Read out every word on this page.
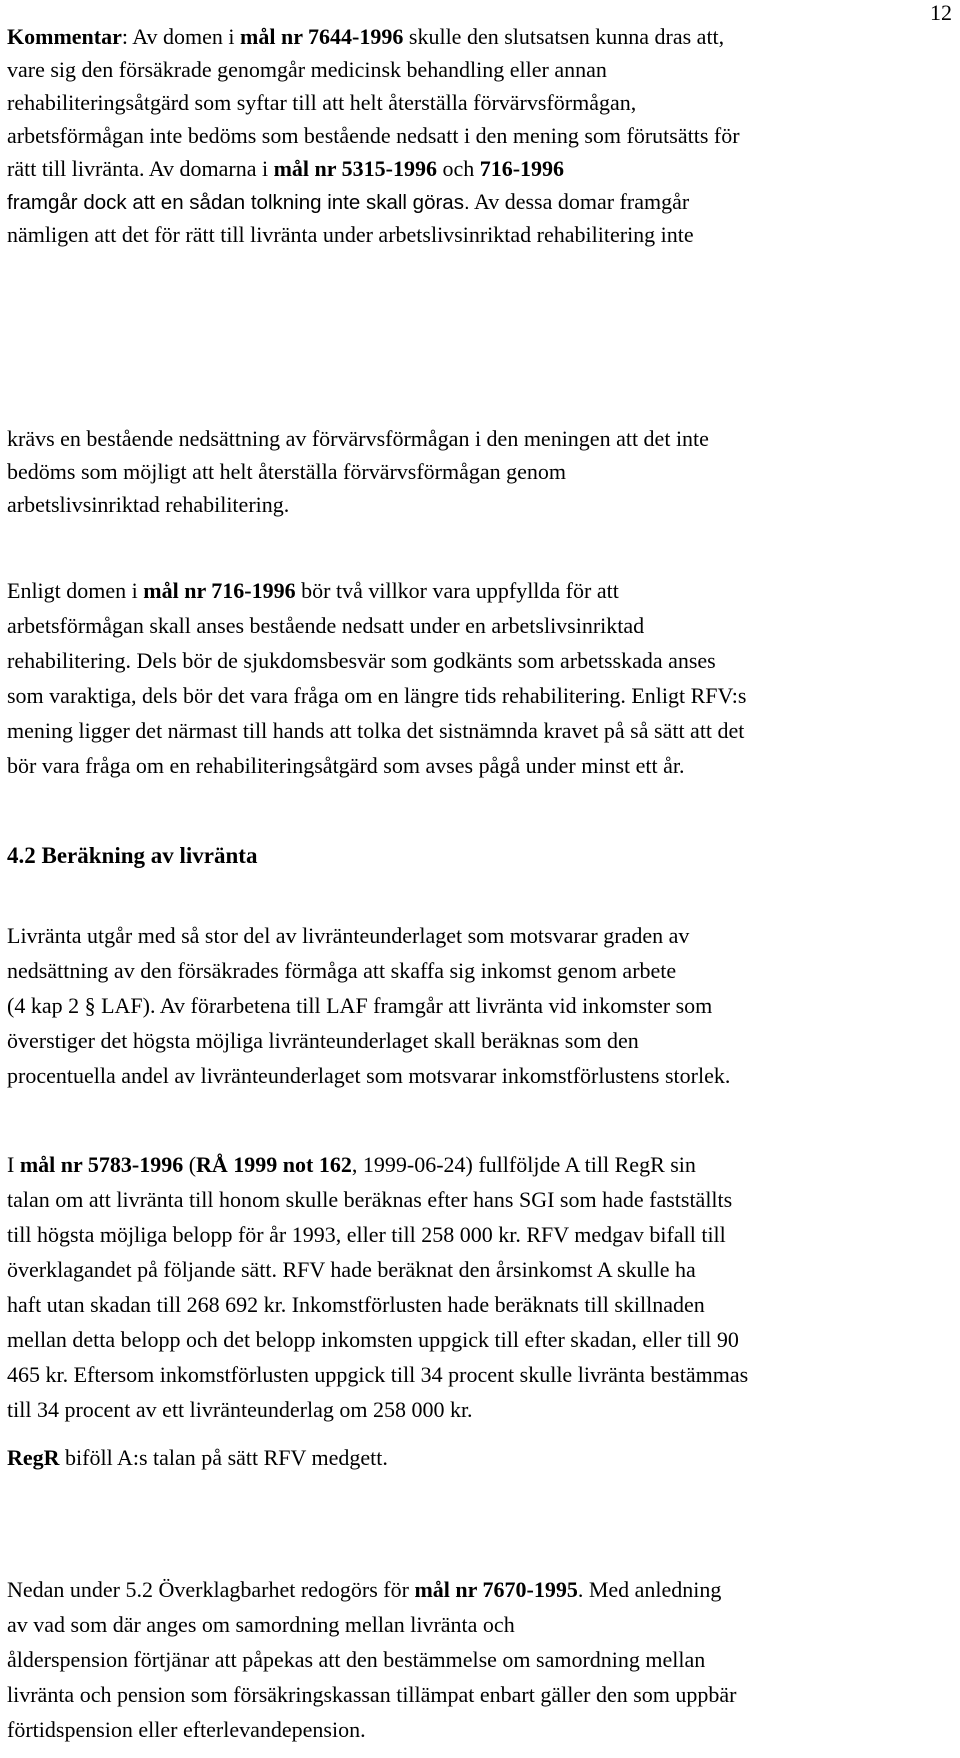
12
Kommentar: Av domen i mål nr 7644-1996 skulle den slutsatsen kunna dras att,
vare sig den försäkrade genomgår medicinsk behandling eller annan
rehabiliteringsåtgärd som syftar till att helt återställa förvärvsförmågan,
arbetsförmågan inte bedöms som bestående nedsatt i den mening som förutsätts för
rätt till livränta. Av domarna i mål nr 5315-1996 och 716-1996
framgår dock att en sådan tolkning inte skall göras. Av dessa domar framgår
nämligen att det för rätt till livränta under arbetslivsinriktad rehabilitering inte
krävs en bestående nedsättning av förvärvsförmågan i den meningen att det inte
bedöms som möjligt att helt återställa förvärvsförmågan genom
arbetslivsinriktad rehabilitering.
Enligt domen i mål nr 716-1996 bör två villkor vara uppfyllda för att
arbetsförmågan skall anses bestående nedsatt under en arbetslivsinriktad
rehabilitering. Dels bör de sjukdomsbesvär som godkänts som arbetsskada anses
som varaktiga, dels bör det vara fråga om en längre tids rehabilitering. Enligt RFV:s
mening ligger det närmast till hands att tolka det sistnämnda kravet på så sätt att det
bör vara fråga om en rehabiliteringsåtgärd som avses pågå under minst ett år.
4.2 Beräkning av livränta
Livränta utgår med så stor del av livränteunderlaget som motsvarar graden av
nedsättning av den försäkrades förmåga att skaffa sig inkomst genom arbete
(4 kap 2 § LAF). Av förarbetena till LAF framgår att livränta vid inkomster som
överstiger det högsta möjliga livränteunderlaget skall beräknas som den
procentuella andel av livränteunderlaget som motsvarar inkomstförlustens storlek.
I mål nr 5783-1996 (RÅ 1999 not 162, 1999-06-24) fullföljde A till RegR sin
talan om att livränta till honom skulle beräknas efter hans SGI som hade fastställts
till högsta möjliga belopp för år 1993, eller till 258 000 kr. RFV medgav bifall till
överklagandet på följande sätt. RFV hade beräknat den årsinkomst A skulle ha
haft utan skadan till 268 692 kr. Inkomstförlusten hade beräknats till skillnaden
mellan detta belopp och det belopp inkomsten uppgick till efter skadan, eller till 90
465 kr. Eftersom inkomstförlusten uppgick till 34 procent skulle livränta bestämmas
till 34 procent av ett livränteunderlag om 258 000 kr.
RegR biföll A:s talan på sätt RFV medgett.
Nedan under 5.2 Överklagbarhet redogörs för mål nr 7670-1995. Med anledning
av vad som där anges om samordning mellan livränta och
ålderspension förtjänar att påpekas att den bestämmelse om samordning mellan
livränta och pension som försäkringskassan tillämpat enbart gäller den som uppbär
förtidspension eller efterlevandepension.
